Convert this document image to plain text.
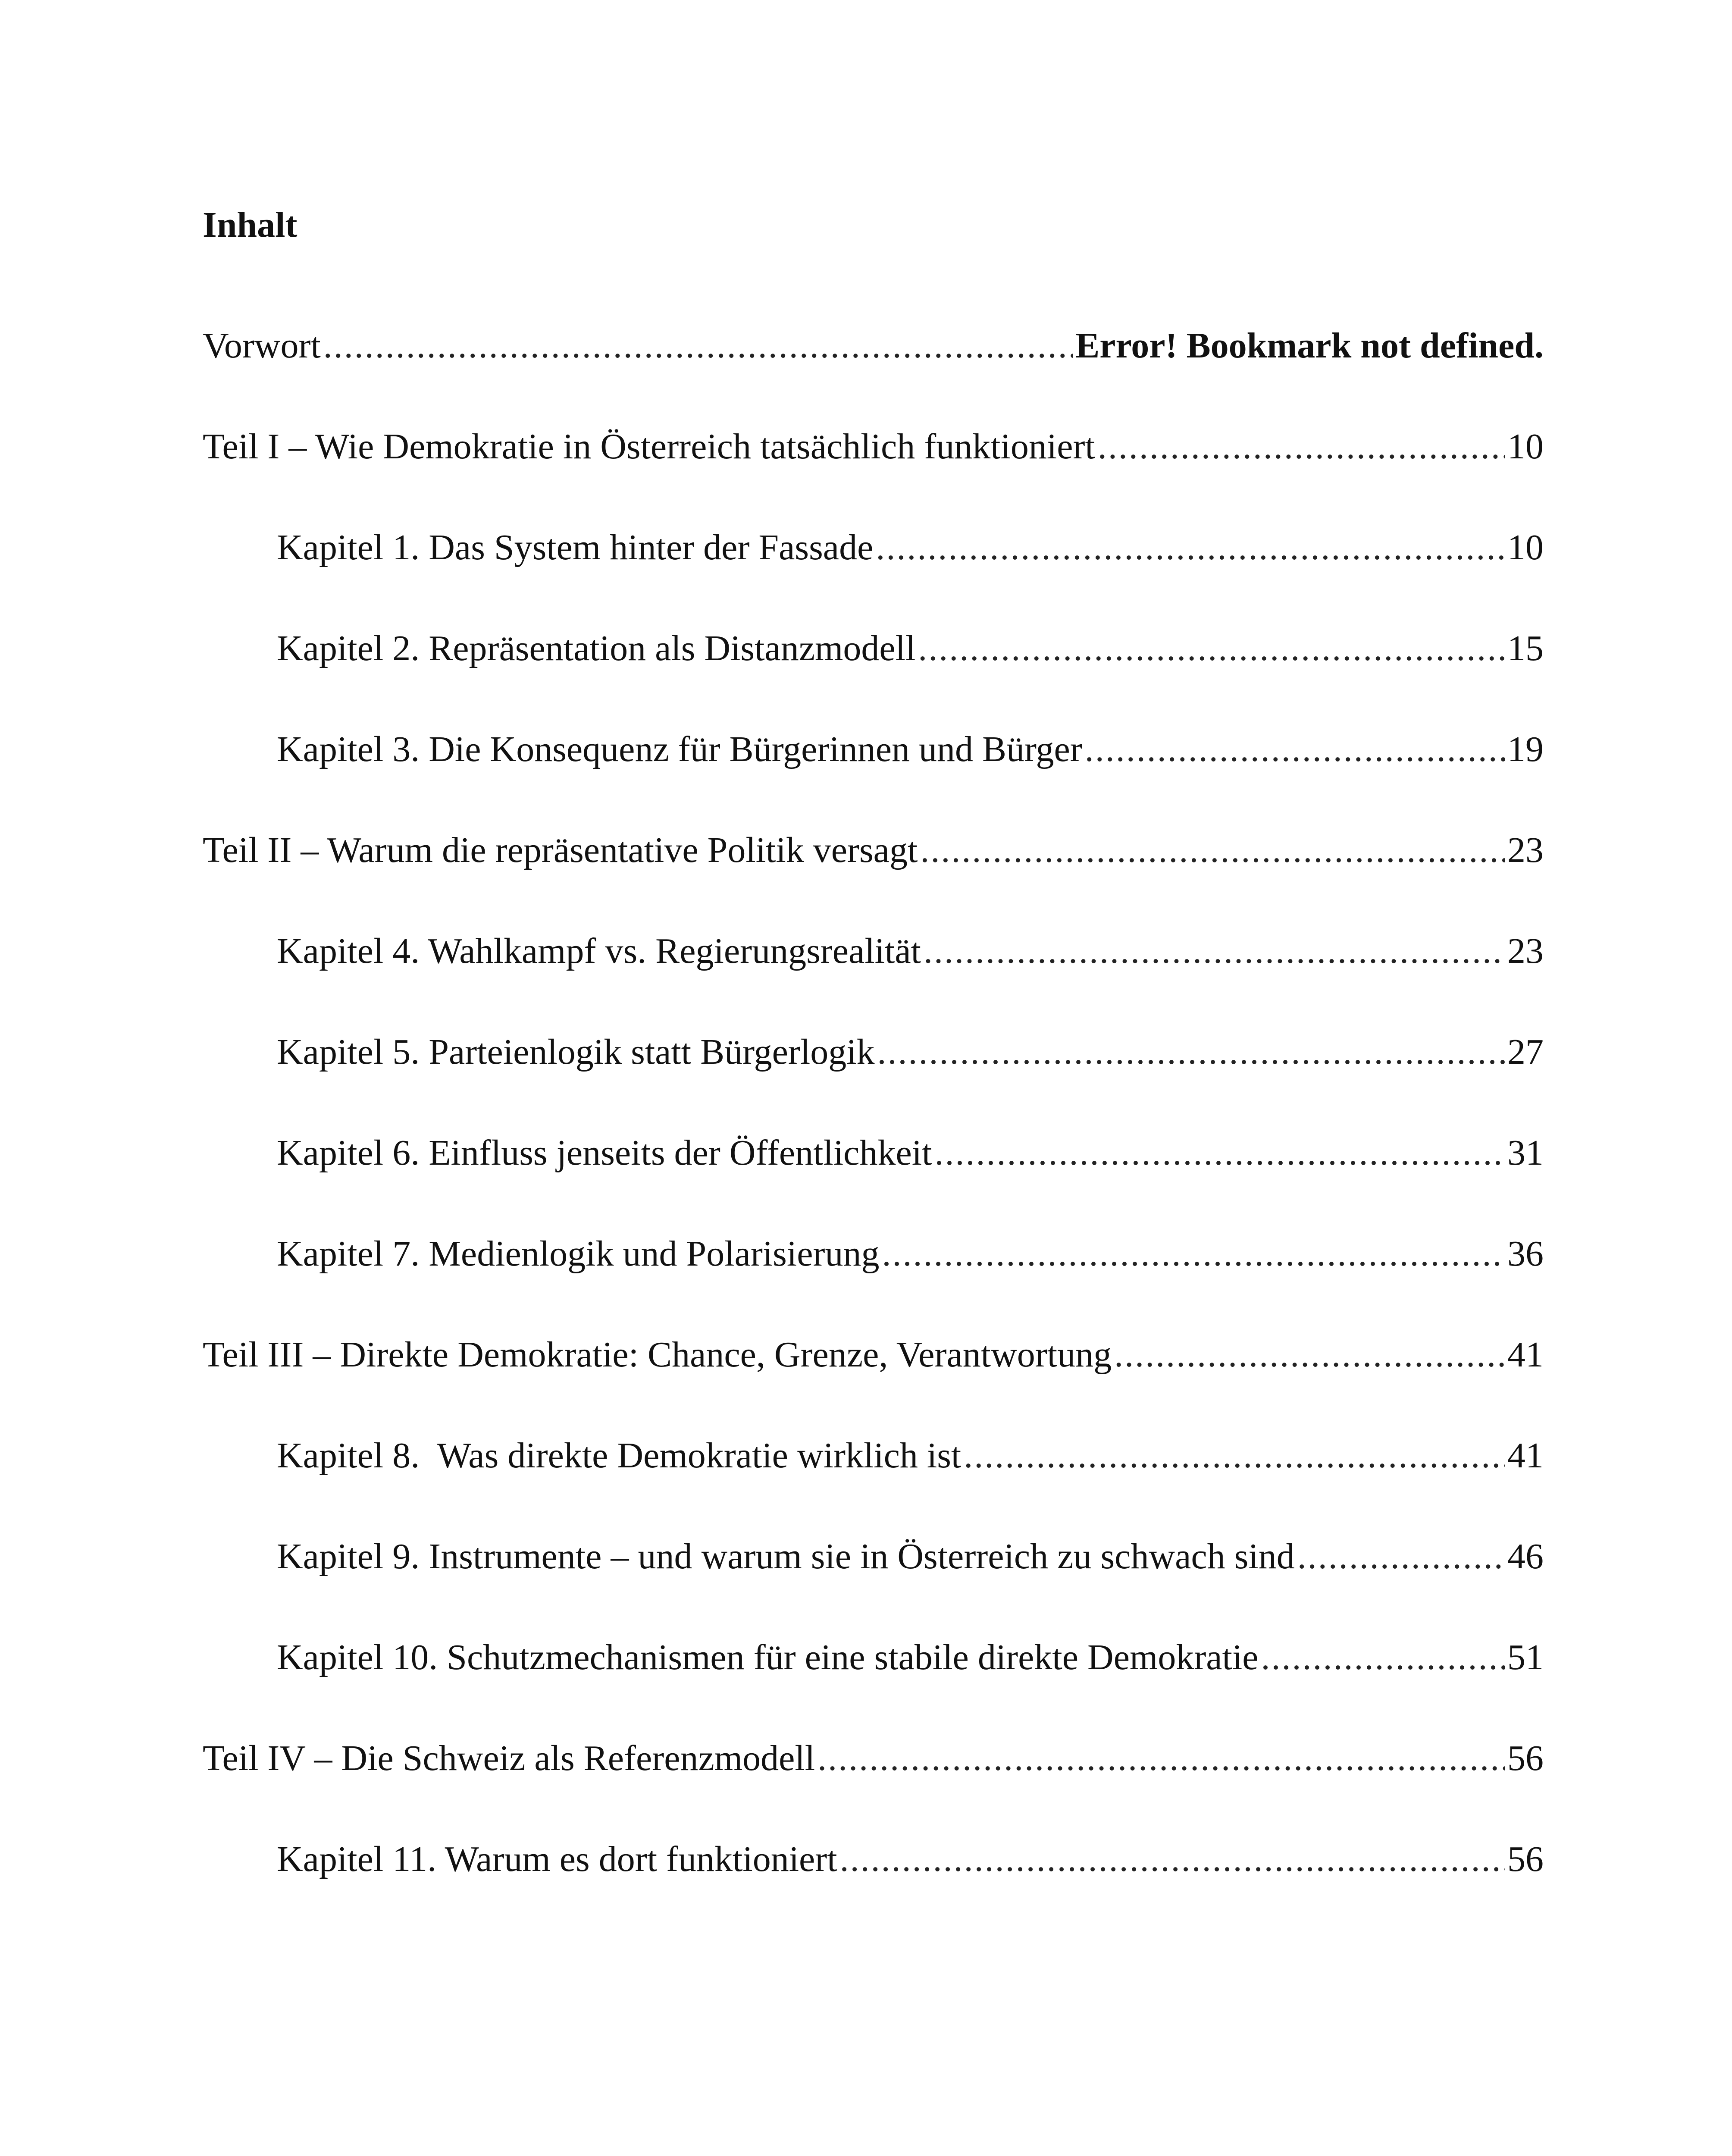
Inhalt
Vorwort .....	Error! Bookmark not defined.
Teil I – Wie Demokratie in Österreich tatsächlich funktioniert .....	10
Kapitel 1. Das System hinter der Fassade .....	10
Kapitel 2. Repräsentation als Distanzmodell .....	15
Kapitel 3. Die Konsequenz für Bürgerinnen und Bürger .....	19
Teil II – Warum die repräsentative Politik versagt .....	23
Kapitel 4. Wahlkampf vs. Regierungsrealität .....	23
Kapitel 5. Parteienlogik statt Bürgerlogik .....	27
Kapitel 6. Einfluss jenseits der Öffentlichkeit .....	31
Kapitel 7. Medienlogik und Polarisierung .....	36
Teil III – Direkte Demokratie: Chance, Grenze, Verantwortung .....	41
Kapitel 8.  Was direkte Demokratie wirklich ist .....	41
Kapitel 9. Instrumente – und warum sie in Österreich zu schwach sind .....	46
Kapitel 10. Schutzmechanismen für eine stabile direkte Demokratie .....	51
Teil IV – Die Schweiz als Referenzmodell .....	56
Kapitel 11. Warum es dort funktioniert .....	56
